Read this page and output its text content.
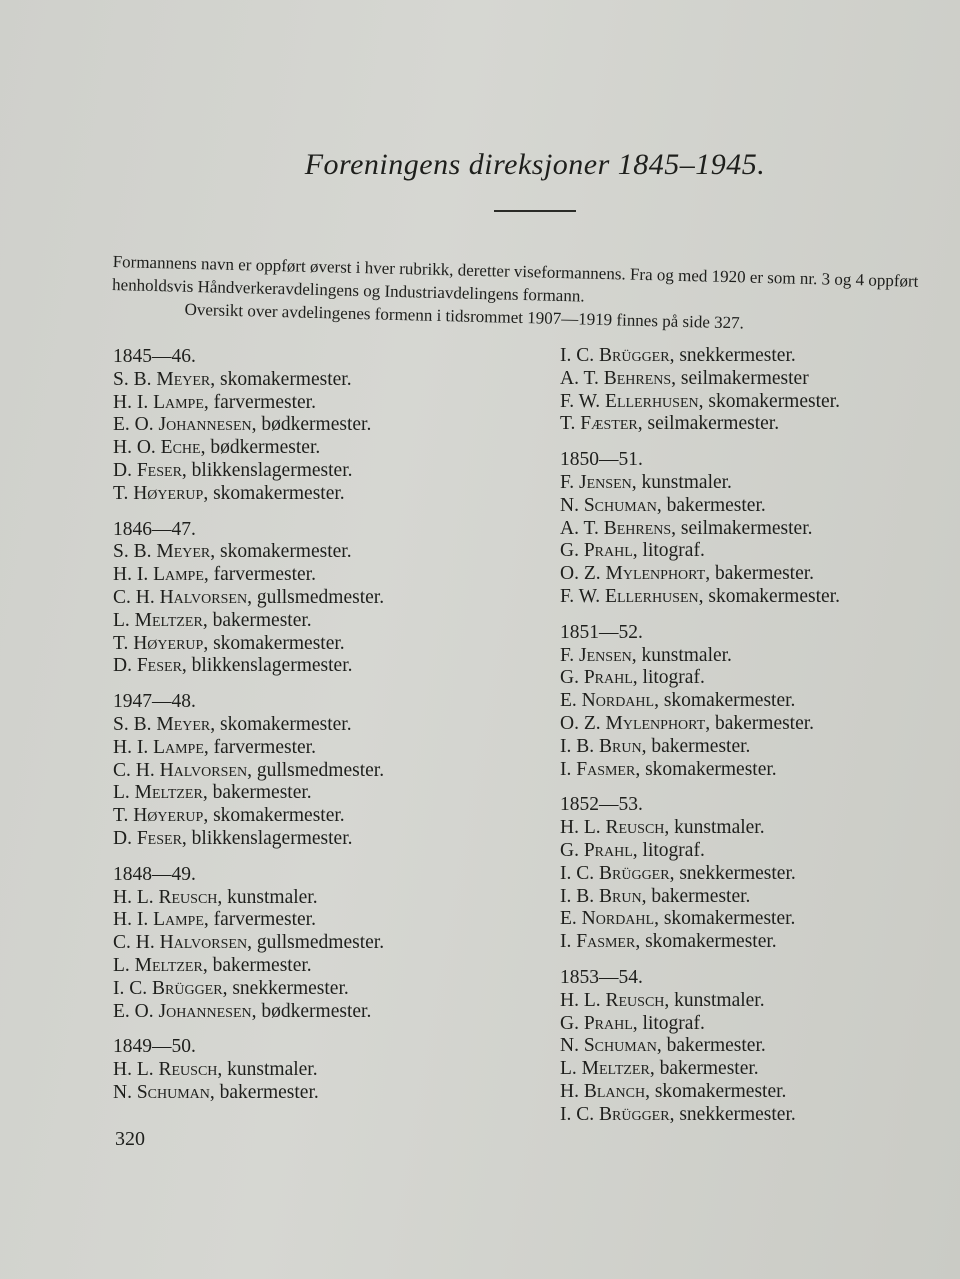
Foreningens direksjoner 1845–1945.

Formannens navn er oppført øverst i hver rubrikk, deretter viseformannens. Fra og med 1920 er som nr. 3 og 4 oppført henholdsvis Håndverkeravdelingens og Industriavdelingens formann.

Oversikt over avdelingenes formenn i tidsrommet 1907—1919 finnes på side 327.

1845—46.
S. B. Meyer, skomakermester.
H. I. Lampe, farvermester.
E. O. Johannesen, bødkermester.
H. O. Eche, bødkermester.
D. Feser, blikkenslagermester.
T. Høyerup, skomakermester.
1846—47.
S. B. Meyer, skomakermester.
H. I. Lampe, farvermester.
C. H. Halvorsen, gullsmedmester.
L. Meltzer, bakermester.
T. Høyerup, skomakermester.
D. Feser, blikkenslagermester.
1947—48.
S. B. Meyer, skomakermester.
H. I. Lampe, farvermester.
C. H. Halvorsen, gullsmedmester.
L. Meltzer, bakermester.
T. Høyerup, skomakermester.
D. Feser, blikkenslagermester.
1848—49.
H. L. Reusch, kunstmaler.
H. I. Lampe, farvermester.
C. H. Halvorsen, gullsmedmester.
L. Meltzer, bakermester.
I. C. Brügger, snekkermester.
E. O. Johannesen, bødkermester.
1849—50.
H. L. Reusch, kunstmaler.
N. Schuman, bakermester.
I. C. Brügger, snekkermester.
A. T. Behrens, seilmakermester
F. W. Ellerhusen, skomakermester.
T. Fæster, seilmakermester.
1850—51.
F. Jensen, kunstmaler.
N. Schuman, bakermester.
A. T. Behrens, seilmakermester.
G. Prahl, litograf.
O. Z. Mylenphort, bakermester.
F. W. Ellerhusen, skomakermester.
1851—52.
F. Jensen, kunstmaler.
G. Prahl, litograf.
E. Nordahl, skomakermester.
O. Z. Mylenphort, bakermester.
I. B. Brun, bakermester.
I. Fasmer, skomakermester.
1852—53.
H. L. Reusch, kunstmaler.
G. Prahl, litograf.
I. C. Brügger, snekkermester.
I. B. Brun, bakermester.
E. Nordahl, skomakermester.
I. Fasmer, skomakermester.
1853—54.
H. L. Reusch, kunstmaler.
G. Prahl, litograf.
N. Schuman, bakermester.
L. Meltzer, bakermester.
H. Blanch, skomakermester.
I. C. Brügger, snekkermester.
320
